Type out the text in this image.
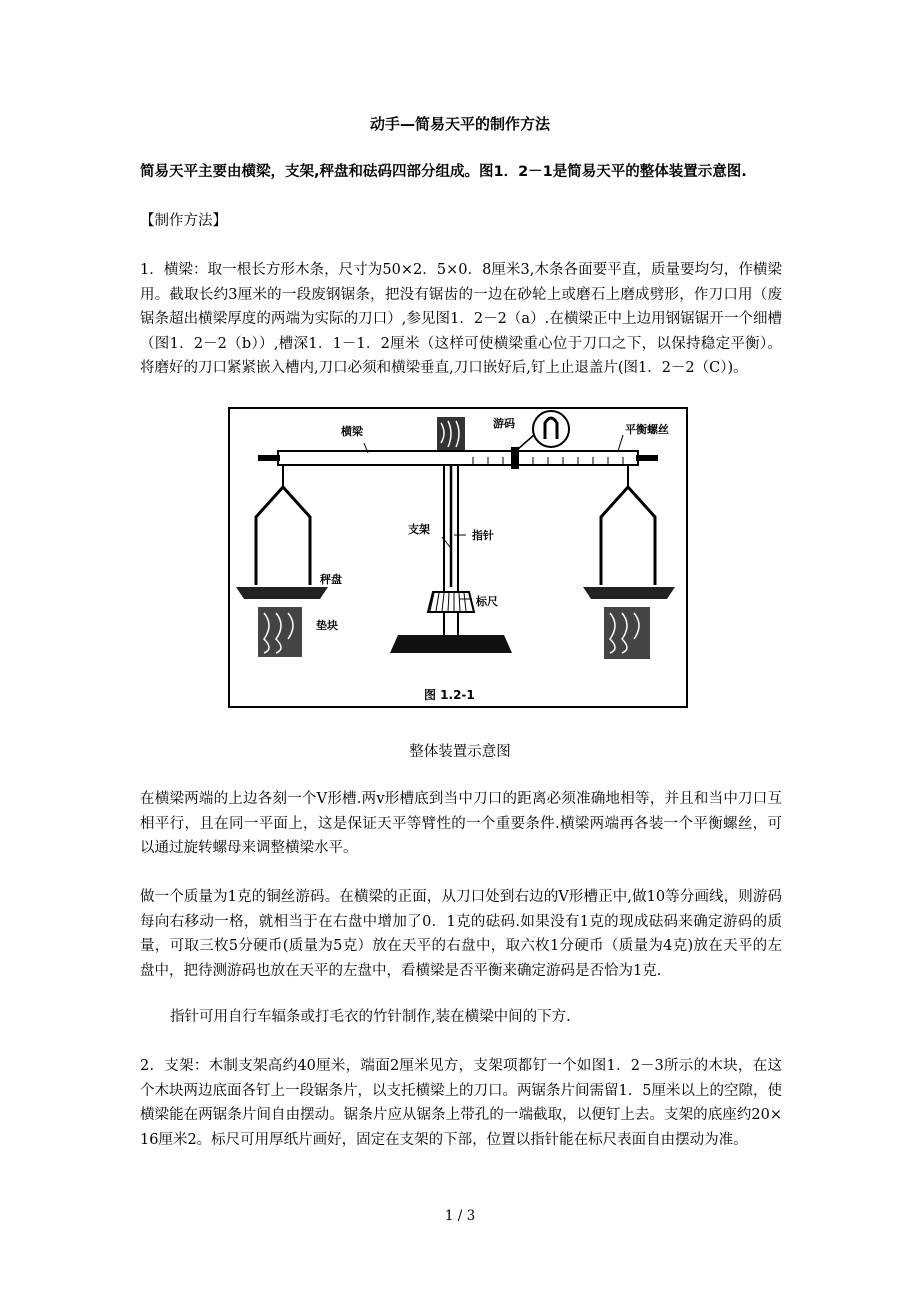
动手—简易天平的制作方法
简易天平主要由横梁，支架,秤盘和砝码四部分组成。图1．2－1是简易天平的整体装置示意图.
【制作方法】
1．横梁：取一根长方形木条，尺寸为50×2．5×0．8厘米3,木条各面要平直，质量要均匀，作横梁用。截取长约3厘米的一段废钢锯条，把没有锯齿的一边在砂轮上或磨石上磨成劈形，作刀口用（废锯条超出横梁厚度的两端为实际的刀口）,参见图1．2－2（a）.在横梁正中上边用钢锯锯开一个细槽（图1．2－2（b））,槽深1．1－1．2厘米（这样可使横梁重心位于刀口之下，以保持稳定平衡）。将磨好的刀口紧紧嵌入槽内,刀口必须和横梁垂直,刀口嵌好后,钉上止退盖片(图1．2－2（C）)。
横梁
游码	平衡螺丝
支架	指针
秤盘
标尺
垫块
图 1.2-1
整体装置示意图
在横梁两端的上边各刻一个V形槽.两v形槽底到当中刀口的距离必须准确地相等，并且和当中刀口互相平行，且在同一平面上，这是保证天平等臂性的一个重要条件.横梁两端再各装一个平衡螺丝，可以通过旋转螺母来调整横梁水平。
做一个质量为1克的铜丝游码。在横梁的正面，从刀口处到右边的V形槽正中,做10等分画线，则游码每向右移动一格，就相当于在右盘中增加了0．1克的砝码.如果没有1克的现成砝码来确定游码的质量，可取三枚5分硬币(质量为5克）放在天平的右盘中，取六枚1分硬币（质量为4克)放在天平的左盘中，把待测游码也放在天平的左盘中，看横梁是否平衡来确定游码是否恰为1克.
指针可用自行车辐条或打毛衣的竹针制作,装在横梁中间的下方.
2．支架：木制支架高约40厘米，端面2厘米见方，支架项都钉一个如图1．2－3所示的木块，在这个木块两边底面各钉上一段锯条片，以支托横梁上的刀口。两锯条片间需留1．5厘米以上的空隙，使横梁能在两锯条片间自由摆动。锯条片应从锯条上带孔的一端截取，以便钉上去。支架的底座约20×16厘米2。标尺可用厚纸片画好，固定在支架的下部，位置以指针能在标尺表面自由摆动为准。
1 / 3
